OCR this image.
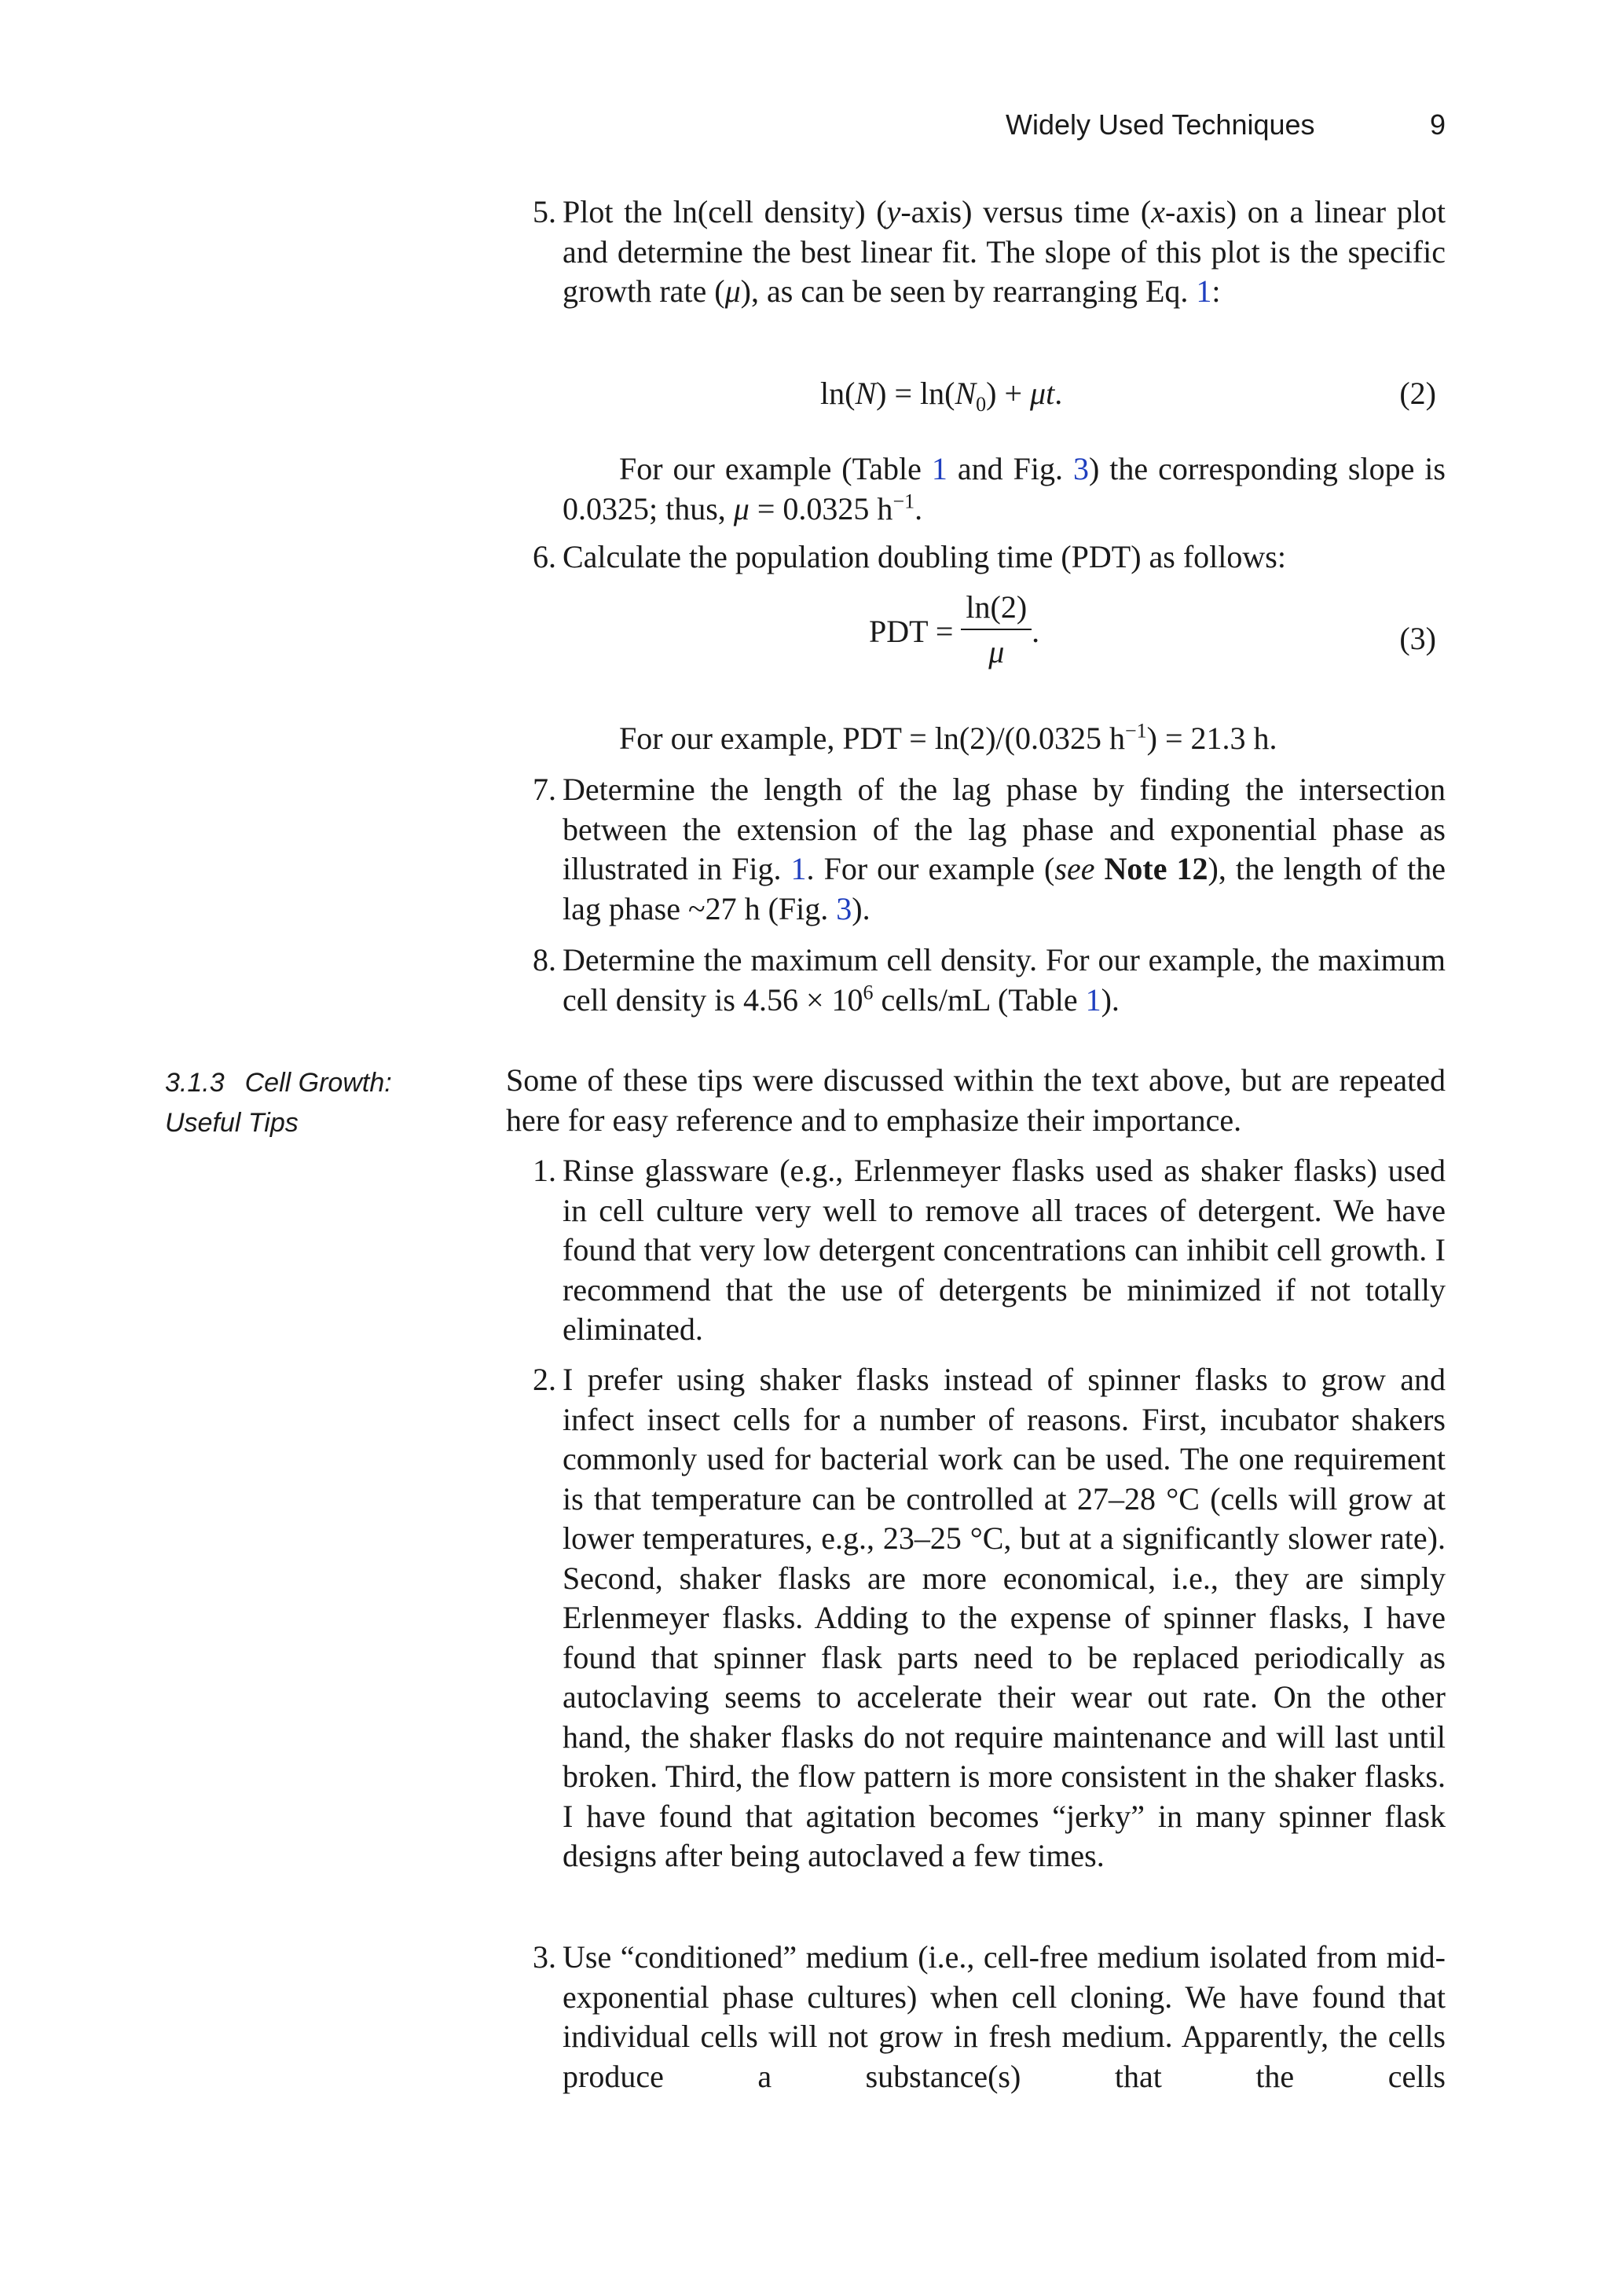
Widely Used Techniques	9
5. Plot the ln(cell density) (y-axis) versus time (x-axis) on a linear plot and determine the best linear fit. The slope of this plot is the specific growth rate (μ), as can be seen by rearranging Eq. 1:

$\ln(N) = \ln(N_0) + \mu t$.	(2)

For our example (Table 1 and Fig. 3) the corresponding slope is 0.0325; thus, μ = 0.0325 $h^{-1}$.

6. Calculate the population doubling time (PDT) as follows:

PDT = $\frac{\ln(2)}{\mu}$ .	(3)

For our example, PDT = ln(2)/(0.0325 $h^{-1}) = 21.3$ h.

7. Determine the length of the lag phase by finding the intersection between the extension of the lag phase and exponential phase as illustrated in Fig. 1. For our example (see Note 12), the length of the lag phase ~27 h (Fig. 3).

8. Determine the maximum cell density. For our example, the maximum cell density is $4.56 \times 10^6$ cells/mL (Table 1).

3.1.3 Cell Growth:
Useful Tips

Some of these tips were discussed within the text above, but are repeated here for easy reference and to emphasize their importance.

1. Rinse glassware (e.g., Erlenmeyer flasks used as shaker flasks) used in cell culture very well to remove all traces of detergent. We have found that very low detergent concentrations can inhibit cell growth. I recommend that the use of detergents be minimized if not totally eliminated.

2. I prefer using shaker flasks instead of spinner flasks to grow and infect insect cells for a number of reasons. First, incubator shakers commonly used for bacterial work can be used. The one requirement is that temperature can be controlled at 27–28 °C (cells will grow at lower temperatures, e.g., 23–25 °C, but at a significantly slower rate). Second, shaker flasks are more economical, i.e., they are simply Erlenmeyer flasks. Adding to the expense of spinner flasks, I have found that spinner flask parts need to be replaced periodically as autoclaving seems to accelerate their wear out rate. On the other hand, the shaker flasks do not require maintenance and will last until broken. Third, the flow pattern is more consistent in the shaker flasks. I have found that agitation becomes “jerky” in many spinner flask designs after being autoclaved a few times.

3. Use “conditioned” medium (i.e., cell-free medium isolated from mid-exponential phase cultures) when cell cloning. We have found that individual cells will not grow in fresh medium. Apparently, the cells produce a substance(s) that the cells
